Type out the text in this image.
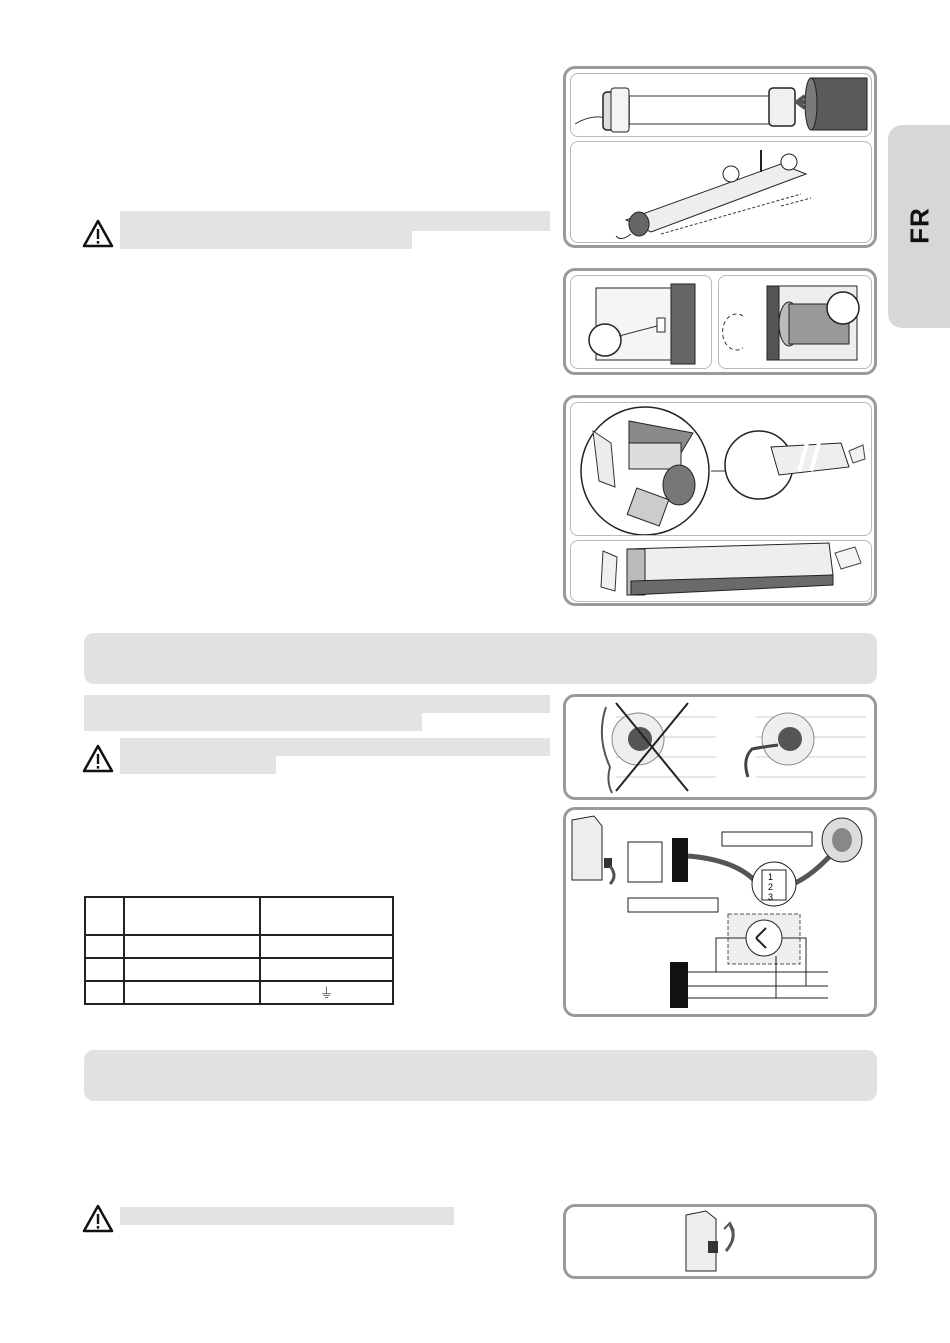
FR
1
2
3

		⏚
